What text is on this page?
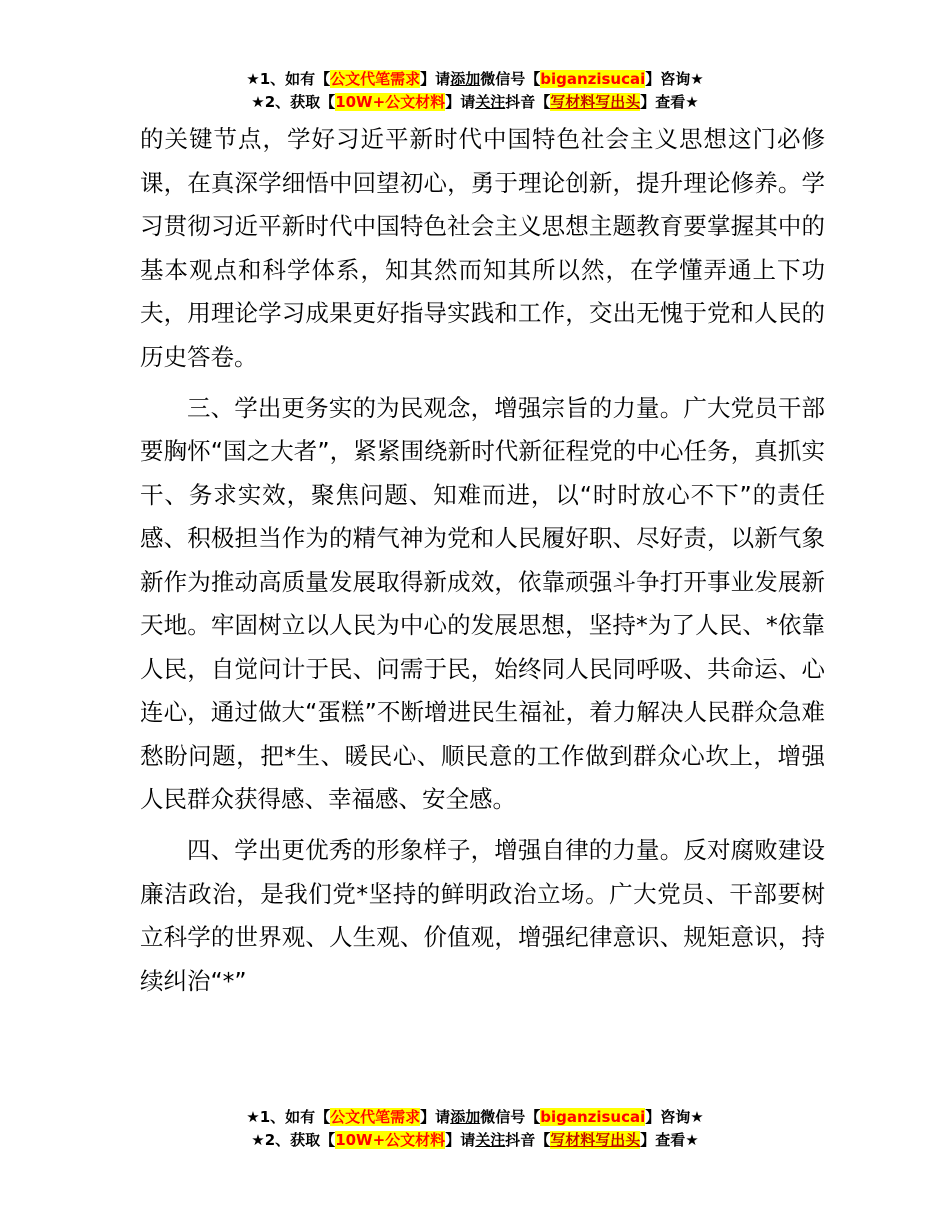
★1、如有【公文代笔需求】请添加微信号【biganzisucai】咨询★
★2、获取【10W+公文材料】请关注抖音【写材料写出头】查看★

的关键节点，学好习近平新时代中国特色社会主义思想这门必修课，在真深学细悟中回望初心，勇于理论创新，提升理论修养。学习贯彻习近平新时代中国特色社会主义思想主题教育要掌握其中的基本观点和科学体系，知其然而知其所以然，在学懂弄通上下功夫，用理论学习成果更好指导实践和工作，交出无愧于党和人民的历史答卷。

三、学出更务实的为民观念，增强宗旨的力量。广大党员干部要胸怀“国之大者”，紧紧围绕新时代新征程党的中心任务，真抓实干、务求实效，聚焦问题、知难而进，以“时时放心不下”的责任感、积极担当作为的精气神为党和人民履好职、尽好责，以新气象新作为推动高质量发展取得新成效，依靠顽强斗争打开事业发展新天地。牢固树立以人民为中心的发展思想，坚持*为了人民、*依靠人民，自觉问计于民、问需于民，始终同人民同呼吸、共命运、心连心，通过做大“蛋糕”不断增进民生福祉，着力解决人民群众急难愁盼问题，把*生、暖民心、顺民意的工作做到群众心坎上，增强人民群众获得感、幸福感、安全感。

四、学出更优秀的形象样子，增强自律的力量。反对腐败建设廉洁政治，是我们党*坚持的鲜明政治立场。广大党员、干部要树立科学的世界观、人生观、价值观，增强纪律意识、规矩意识，持续纠治“*”

★1、如有【公文代笔需求】请添加微信号【biganzisucai】咨询★
★2、获取【10W+公文材料】请关注抖音【写材料写出头】查看★
